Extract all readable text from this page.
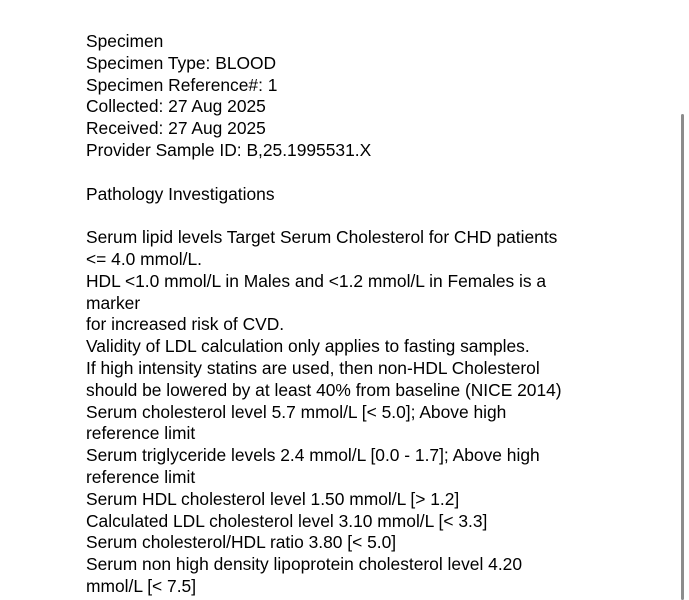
Specimen
Specimen Type: BLOOD
Specimen Reference#: 1
Collected: 27 Aug 2025
Received: 27 Aug 2025
Provider Sample ID: B,25.1995531.X
Pathology Investigations
Serum lipid levels Target Serum Cholesterol for CHD patients
<= 4.0 mmol/L.
HDL <1.0 mmol/L in Males and <1.2 mmol/L in Females is a
marker
for increased risk of CVD.
Validity of LDL calculation only applies to fasting samples.
If high intensity statins are used, then non-HDL Cholesterol
should be lowered by at least 40% from baseline (NICE 2014)
Serum cholesterol level 5.7 mmol/L [< 5.0]; Above high
reference limit
Serum triglyceride levels 2.4 mmol/L [0.0 - 1.7]; Above high
reference limit
Serum HDL cholesterol level 1.50 mmol/L [> 1.2]
Calculated LDL cholesterol level 3.10 mmol/L [< 3.3]
Serum cholesterol/HDL ratio 3.80 [< 5.0]
Serum non high density lipoprotein cholesterol level 4.20
mmol/L [< 7.5]
